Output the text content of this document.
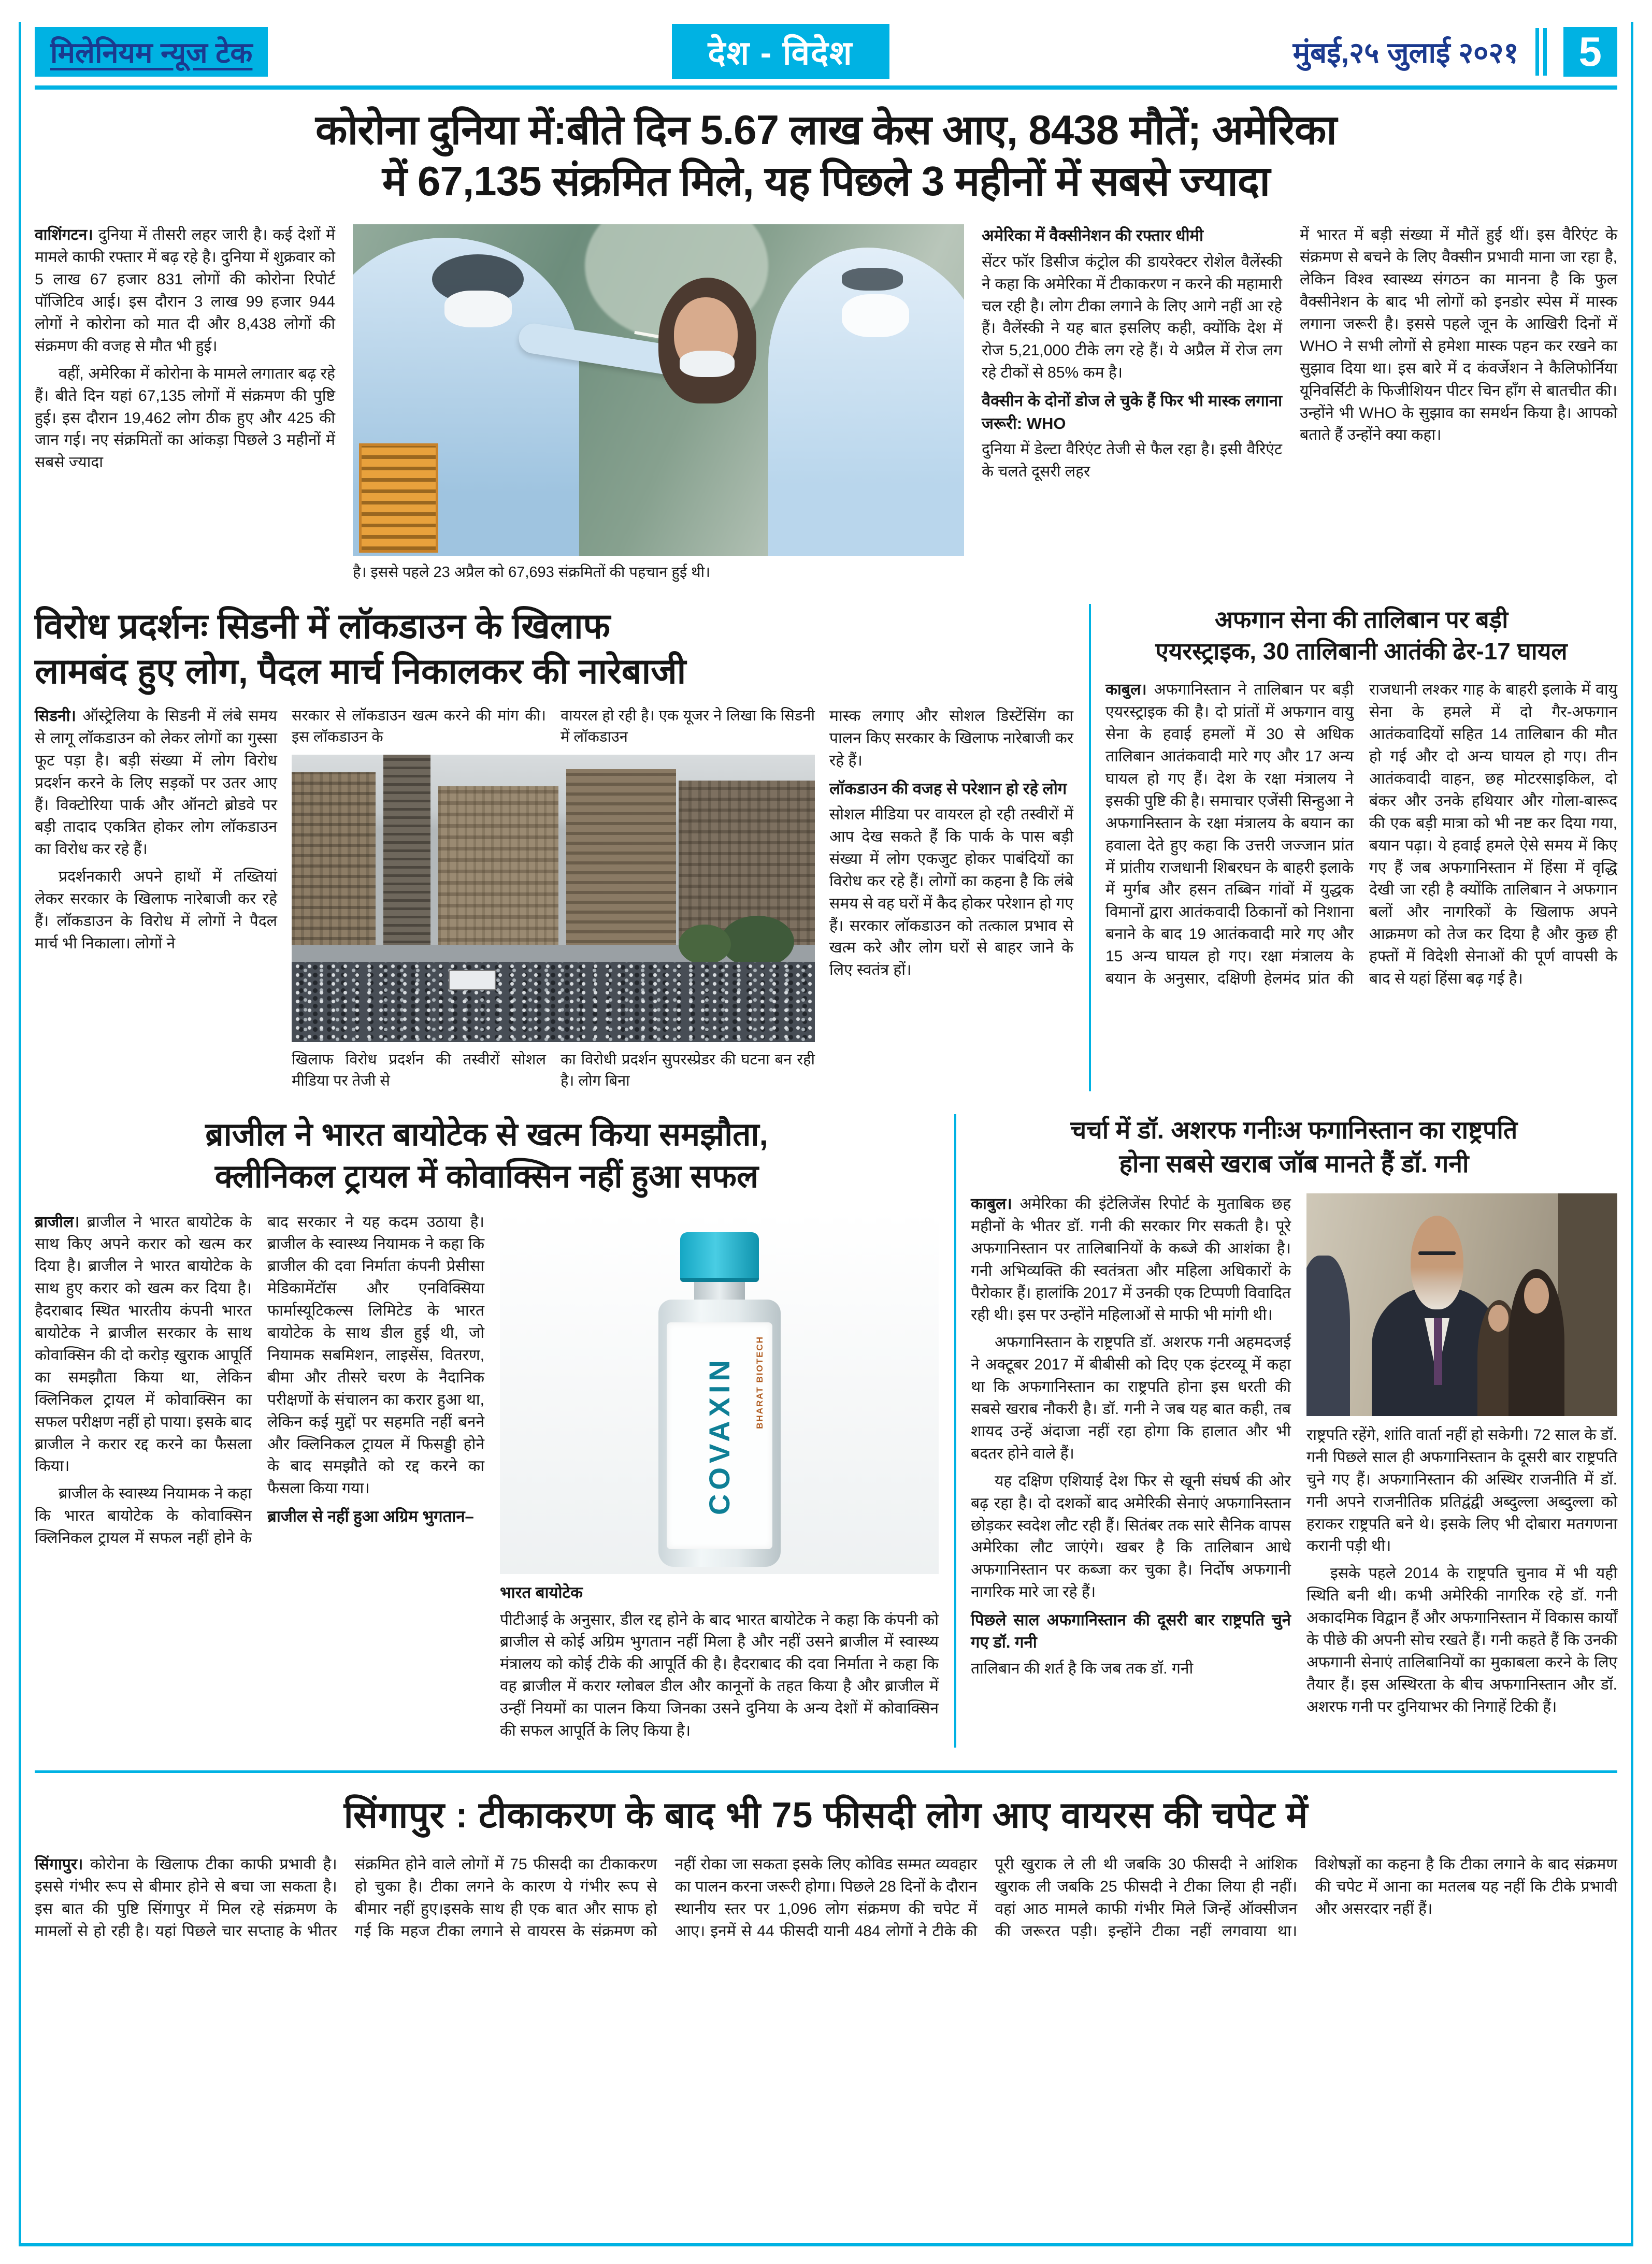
मिलेनियम न्यूज टेक	देश - विदेश	मुंबई,२५ जुलाई २०२१	5
कोरोना दुनिया में:बीते दिन 5.67 लाख केस आए, 8438 मौतें; अमेरिका
में 67,135 संक्रमित मिले, यह पिछले 3 महीनों में सबसे ज्यादा

वाशिंगटन। दुनिया में तीसरी लहर जारी है। कई देशों में मामले काफी रफ्तार में बढ़ रहे है। दुनिया में शुक्रवार को 5 लाख 67 हजार 831 लोगों की कोरोना रिपोर्ट पॉजिटिव आई। इस दौरान 3 लाख 99 हजार 944 लोगों ने कोरोना को मात दी और 8,438 लोगों की संक्रमण की वजह से मौत भी हुई।

वहीं, अमेरिका में कोरोना के मामले लगातार बढ़ रहे हैं। बीते दिन यहां 67,135 लोगों में संक्रमण की पुष्टि हुई। इस दौरान 19,462 लोग ठीक हुए और 425 की जान गई। नए संक्रमितों का आंकड़ा पिछले 3 महीनों में सबसे ज्यादा

है। इससे पहले 23 अप्रैल को 67,693 संक्रमितों की पहचान हुई थी।
अमेरिका में वैक्सीनेशन की रफ्तार धीमी

सेंटर फॉर डिसीज कंट्रोल की डायरेक्टर रोशेल वैलेंस्की ने कहा कि अमेरिका में टीकाकरण न करने की महामारी चल रही है। लोग टीका लगाने के लिए आगे नहीं आ रहे हैं। वैलेंस्की ने यह बात इसलिए कही, क्योंकि देश में रोज 5,21,000 टीके लग रहे हैं। ये अप्रैल में रोज लग रहे टीकों से 85% कम है।

वैक्सीन के दोनों डोज ले चुके हैं फिर भी मास्क लगाना जरूरी: WHO

दुनिया में डेल्टा वैरिएंट तेजी से फैल रहा है। इसी वैरिएंट के चलते दूसरी लहर

में भारत में बड़ी संख्या में मौतें हुई थीं। इस वैरिएंट के संक्रमण से बचने के लिए वैक्सीन प्रभावी माना जा रहा है, लेकिन विश्व स्वास्थ्य संगठन का मानना है कि फुल वैक्सीनेशन के बाद भी लोगों को इनडोर स्पेस में मास्क लगाना जरूरी है। इससे पहले जून के आखिरी दिनों में WHO ने सभी लोगों से हमेशा मास्क पहन कर रखने का सुझाव दिया था। इस बारे में द कंवर्जेशन ने कैलिफोर्निया यूनिवर्सिटी के फिजीशियन पीटर चिन हाँग से बातचीत की। उन्होंने भी WHO के सुझाव का समर्थन किया है। आपको बताते हैं उन्होंने क्या कहा।

विरोध प्रदर्शनः सिडनी में लॉकडाउन के खिलाफ
लामबंद हुए लोग, पैदल मार्च निकालकर की नारेबाजी

सिडनी। ऑस्ट्रेलिया के सिडनी में लंबे समय से लागू लॉकडाउन को लेकर लोगों का गुस्सा फूट पड़ा है। बड़ी संख्या में लोग विरोध प्रदर्शन करने के लिए सड़कों पर उतर आए हैं। विक्टोरिया पार्क और ऑनटो ब्रोडवे पर बड़ी तादाद एकत्रित होकर लोग लॉकडाउन का विरोध कर रहे हैं।

प्रदर्शनकारी अपने हाथों में तख्तियां लेकर सरकार के खिलाफ नारेबाजी कर रहे हैं। लॉकडाउन के विरोध में लोगों ने पैदल मार्च भी निकाला। लोगों ने

सरकार से लॉकडाउन खत्म करने की मांग की। इस लॉकडाउन के
वायरल हो रही है। एक यूजर ने लिखा कि सिडनी में लॉकडाउन
खिलाफ विरोध प्रदर्शन की तस्वीरों सोशल मीडिया पर तेजी से
का विरोधी प्रदर्शन सुपरस्प्रेडर की घटना बन रही है। लोग बिना

मास्क लगाए और सोशल डिस्टेंसिंग का पालन किए सरकार के खिलाफ नारेबाजी कर रहे हैं।

लॉकडाउन की वजह से परेशान हो रहे लोग

सोशल मीडिया पर वायरल हो रही तस्वीरों में आप देख सकते हैं कि पार्क के पास बड़ी संख्या में लोग एकजुट होकर पाबंदियों का विरोध कर रहे हैं। लोगों का कहना है कि लंबे समय से वह घरों में कैद होकर परेशान हो गए हैं। सरकार लॉकडाउन को तत्काल प्रभाव से खत्म करे और लोग घरों से बाहर जाने के लिए स्वतंत्र हों।

अफगान सेना की तालिबान पर बड़ी
एयरस्ट्राइक, 30 तालिबानी आतंकी ढेर-17 घायल

काबुल। अफगानिस्तान ने तालिबान पर बड़ी एयरस्ट्राइक की है। दो प्रांतों में अफगान वायु सेना के हवाई हमलों में 30 से अधिक तालिबान आतंकवादी मारे गए और 17 अन्य घायल हो गए हैं। देश के रक्षा मंत्रालय ने इसकी पुष्टि की है। समाचार एजेंसी सिन्हुआ ने अफगानिस्तान के रक्षा मंत्रालय के बयान का हवाला देते हुए कहा कि उत्तरी जज्जान प्रांत में प्रांतीय राजधानी शिबरघन के बाहरी इलाके में मुर्गब और हसन तब्बिन गांवों में युद्धक विमानों द्वारा आतंकवादी ठिकानों को निशाना बनाने के बाद 19 आतंकवादी मारे गए और 15 अन्य घायल हो गए। रक्षा मंत्रालय के बयान के अनुसार, दक्षिणी हेलमंद प्रांत की राजधानी लश्कर गाह के बाहरी इलाके में वायु सेना के हमले में दो गैर-अफगान आतंकवादियों सहित 14 तालिबान की मौत हो गई और दो अन्य घायल हो गए। तीन आतंकवादी वाहन, छह मोटरसाइकिल, दो बंकर और उनके हथियार और गोला-बारूद की एक बड़ी मात्रा को भी नष्ट कर दिया गया, बयान पढ़ा। ये हवाई हमले ऐसे समय में किए गए हैं जब अफगानिस्तान में हिंसा में वृद्धि देखी जा रही है क्योंकि तालिबान ने अफगान बलों और नागरिकों के खिलाफ अपने आक्रमण को तेज कर दिया है और कुछ ही हफ्तों में विदेशी सेनाओं की पूर्ण वापसी के बाद से यहां हिंसा बढ़ गई है।

ब्राजील ने भारत बायोटेक से खत्म किया समझौता,
क्लीनिकल ट्रायल में कोवाक्सिन नहीं हुआ सफल

ब्राजील। ब्राजील ने भारत बायोटेक के साथ किए अपने करार को खत्म कर दिया है। ब्राजील ने भारत बायोटेक के साथ हुए करार को खत्म कर दिया है। हैदराबाद स्थित भारतीय कंपनी भारत बायोटेक ने ब्राजील सरकार के साथ कोवाक्सिन की दो करोड़ खुराक आपूर्ति का समझौता किया था, लेकिन क्लिनिकल ट्रायल में कोवाक्सिन का सफल परीक्षण नहीं हो पाया। इसके बाद ब्राजील ने करार रद्द करने का फैसला किया।

ब्राजील के स्वास्थ्य नियामक ने कहा कि भारत बायोटेक के कोवाक्सिन क्लिनिकल ट्रायल में सफल नहीं होने के बाद सरकार ने यह कदम उठाया है। ब्राजील के स्वास्थ्य नियामक ने कहा कि ब्राजील की दवा निर्माता कंपनी प्रेसीसा मेडिकामेंटॉस और एनविक्सिया फार्मास्यूटिकल्स लिमिटेड के भारत बायोटेक के साथ डील हुई थी, जो नियामक सबमिशन, लाइसेंस, वितरण, बीमा और तीसरे चरण के नैदानिक परीक्षणों के संचालन का करार हुआ था, लेकिन कई मुद्दों पर सहमति नहीं बनने और क्लिनिकल ट्रायल में फिसड्डी होने के बाद समझौते को रद्द करने का फैसला किया गया।

ब्राजील से नहीं हुआ अग्रिम भुगतान–
COVAXIN BHARAT BIOTECH
भारत बायोटेक

पीटीआई के अनुसार, डील रद्द होने के बाद भारत बायोटेक ने कहा कि कंपनी को ब्राजील से कोई अग्रिम भुगतान नहीं मिला है और नहीं उसने ब्राजील में स्वास्थ्य मंत्रालय को कोई टीके की आपूर्ति की है। हैदराबाद की दवा निर्माता ने कहा कि वह ब्राजील में करार ग्लोबल डील और कानूनों के तहत किया है और ब्राजील में उन्हीं नियमों का पालन किया जिनका उसने दुनिया के अन्य देशों में कोवाक्सिन की सफल आपूर्ति के लिए किया है।

चर्चा में डॉ. अशरफ गनीःअ फगानिस्तान का राष्ट्रपति
होना सबसे खराब जॉब मानते हैं डॉ. गनी

काबुल। अमेरिका की इंटेलिजेंस रिपोर्ट के मुताबिक छह महीनों के भीतर डॉ. गनी की सरकार गिर सकती है। पूरे अफगानिस्तान पर तालिबानियों के कब्जे की आशंका है। गनी अभिव्यक्ति की स्वतंत्रता और महिला अधिकारों के पैरोकार हैं। हालांकि 2017 में उनकी एक टिप्पणी विवादित रही थी। इस पर उन्होंने महिलाओं से माफी भी मांगी थी।

अफगानिस्तान के राष्ट्रपति डॉ. अशरफ गनी अहमदजई ने अक्टूबर 2017 में बीबीसी को दिए एक इंटरव्यू में कहा था कि अफगानिस्तान का राष्ट्रपति होना इस धरती की सबसे खराब नौकरी है। डॉ. गनी ने जब यह बात कही, तब शायद उन्हें अंदाजा नहीं रहा होगा कि हालात और भी बदतर होने वाले हैं।

यह दक्षिण एशियाई देश फिर से खूनी संघर्ष की ओर बढ़ रहा है। दो दशकों बाद अमेरिकी सेनाएं अफगानिस्तान छोड़कर स्वदेश लौट रही हैं। सितंबर तक सारे सैनिक वापस अमेरिका लौट जाएंगे। खबर है कि तालिबान आधे अफगानिस्तान पर कब्जा कर चुका है। निर्दोष अफगानी नागरिक मारे जा रहे हैं।

पिछले साल अफगानिस्तान की दूसरी बार राष्ट्रपति चुने गए डॉ. गनी

तालिबान की शर्त है कि जब तक डॉ. गनी

राष्ट्रपति रहेंगे, शांति वार्ता नहीं हो सकेगी। 72 साल के डॉ. गनी पिछले साल ही अफगानिस्तान के दूसरी बार राष्ट्रपति चुने गए हैं। अफगानिस्तान की अस्थिर राजनीति में डॉ. गनी अपने राजनीतिक प्रतिद्वंद्वी अब्दुल्ला अब्दुल्ला को हराकर राष्ट्रपति बने थे। इसके लिए भी दोबारा मतगणना करानी पड़ी थी।

इसके पहले 2014 के राष्ट्रपति चुनाव में भी यही स्थिति बनी थी। कभी अमेरिकी नागरिक रहे डॉ. गनी अकादमिक विद्वान हैं और अफगानिस्तान में विकास कार्यों के पीछे की अपनी सोच रखते हैं। गनी कहते हैं कि उनकी अफगानी सेनाएं तालिबानियों का मुकाबला करने के लिए तैयार हैं। इस अस्थिरता के बीच अफगानिस्तान और डॉ. अशरफ गनी पर दुनियाभर की निगाहें टिकी हैं।

सिंगापुर : टीकाकरण के बाद भी 75 फीसदी लोग आए वायरस की चपेट में

सिंगापुर। कोरोना के खिलाफ टीका काफी प्रभावी है। इससे गंभीर रूप से बीमार होने से बचा जा सकता है। इस बात की पुष्टि सिंगापुर में मिल रहे संक्रमण के मामलों से हो रही है। यहां पिछले चार सप्ताह के भीतर संक्रमित होने वाले लोगों में 75 फीसदी का टीकाकरण हो चुका है। टीका लगने के कारण ये गंभीर रूप से बीमार नहीं हुए।इसके साथ ही एक बात और साफ हो गई कि महज टीका लगाने से वायरस के संक्रमण को नहीं रोका जा सकता इसके लिए कोविड सम्मत व्यवहार का पालन करना जरूरी होगा। पिछले 28 दिनों के दौरान स्थानीय स्तर पर 1,096 लोग संक्रमण की चपेट में आए। इनमें से 44 फीसदी यानी 484 लोगों ने टीके की पूरी खुराक ले ली थी जबकि 30 फीसदी ने आंशिक खुराक ली जबकि 25 फीसदी ने टीका लिया ही नहीं। वहां आठ मामले काफी गंभीर मिले जिन्हें ऑक्सीजन की जरूरत पड़ी। इन्होंने टीका नहीं लगवाया था। विशेषज्ञों का कहना है कि टीका लगाने के बाद संक्रमण की चपेट में आना का मतलब यह नहीं कि टीके प्रभावी और असरदार नहीं हैं।
